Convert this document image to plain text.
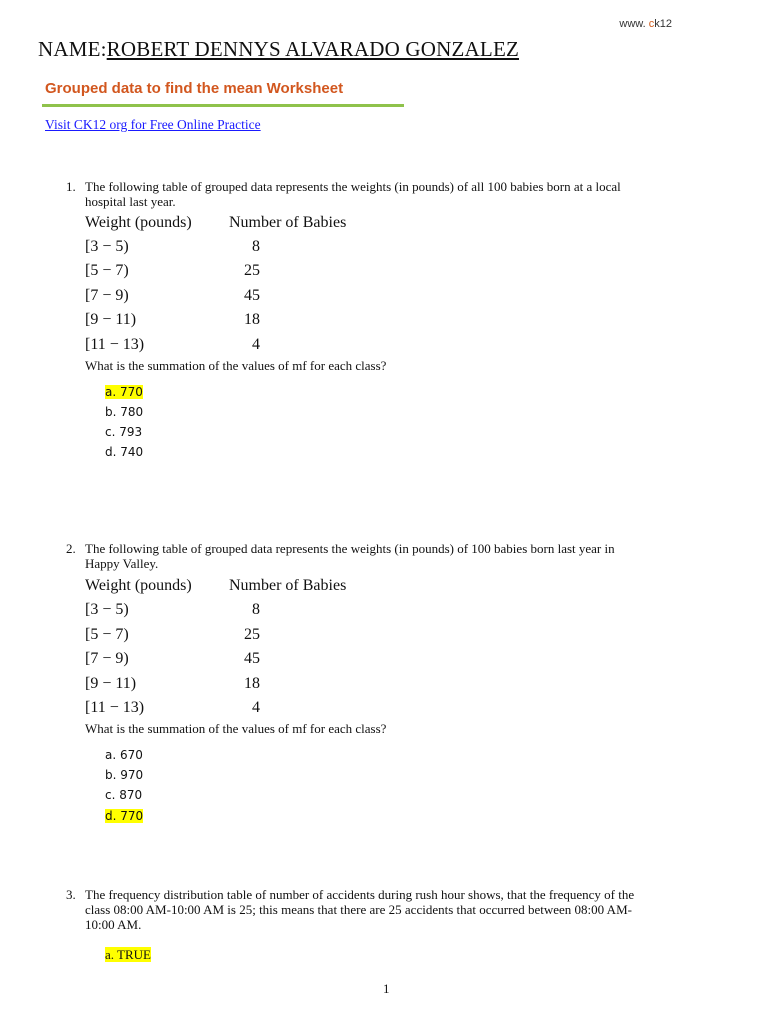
www. ck12
NAME:ROBERT DENNYS ALVARADO GONZALEZ
Grouped data to find the mean Worksheet
Visit CK12 org for Free Online Practice
1. The following table of grouped data represents the weights (in pounds) of all 100 babies born at a local
hospital last year.
Weight (pounds) Number of Babies
[3 − 5)	8
[5 − 7)	25
[7 − 9)	45
[9 − 11)	18
[11 − 13)	4
What is the summation of the values of mf for each class?
a. 770
b. 780
c. 793
d. 740
2. The following table of grouped data represents the weights (in pounds) of 100 babies born last year in
Happy Valley.
Weight (pounds) Number of Babies
[3 − 5)	8
[5 − 7)	25
[7 − 9)	45
[9 − 11)	18
[11 − 13)	4
What is the summation of the values of mf for each class?
a. 670
b. 970
c. 870
d. 770
3. The frequency distribution table of number of accidents during rush hour shows, that the frequency of the
class 08:00 AM-10:00 AM is 25; this means that there are 25 accidents that occurred between 08:00 AM-
10:00 AM.
a. TRUE
1
